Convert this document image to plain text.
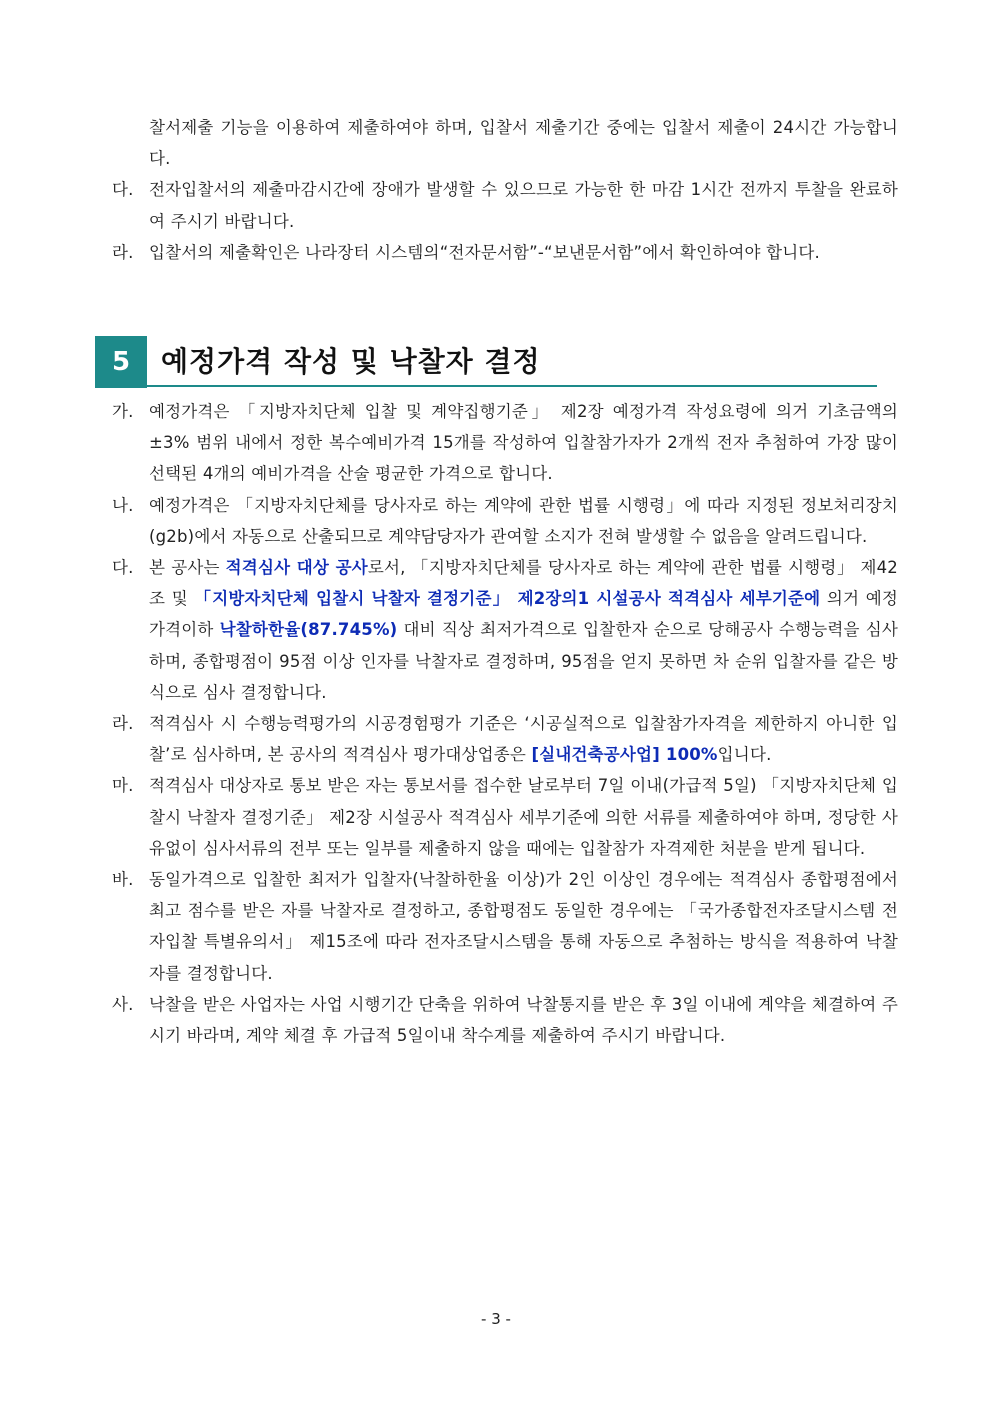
찰서제출 기능을 이용하여 제출하여야 하며, 입찰서 제출기간 중에는 입찰서 제출이 24시간 가능합니다.

다. 전자입찰서의 제출마감시간에 장애가 발생할 수 있으므로 가능한 한 마감 1시간 전까지 투찰을 완료하여 주시기 바랍니다.

라. 입찰서의 제출확인은 나라장터 시스템의“전자문서함”-“보낸문서함”에서 확인하여야 합니다.

5	예정가격 작성 및 낙찰자 결정

가. 예정가격은 「지방자치단체 입찰 및 계약집행기준」 제2장 예정가격 작성요령에 의거 기초금액의 ±3% 범위 내에서 정한 복수예비가격 15개를 작성하여 입찰참가자가 2개씩 전자 추첨하여 가장 많이 선택된 4개의 예비가격을 산술 평균한 가격으로 합니다.

나. 예정가격은 「지방자치단체를 당사자로 하는 계약에 관한 법률 시행령」에 따라 지정된 정보처리장치(g2b)에서 자동으로 산출되므로 계약담당자가 관여할 소지가 전혀 발생할 수 없음을 알려드립니다.

다. 본 공사는 적격심사 대상 공사로서, 「지방자치단체를 당사자로 하는 계약에 관한 법률 시행령」 제42조 및 「지방자치단체 입찰시 낙찰자 결정기준」 제2장의1 시설공사 적격심사 세부기준에 의거 예정가격이하 낙찰하한율(87.745%) 대비 직상 최저가격으로 입찰한자 순으로 당해공사 수행능력을 심사하며, 종합평점이 95점 이상 인자를 낙찰자로 결정하며, 95점을 얻지 못하면 차 순위 입찰자를 같은 방식으로 심사 결정합니다.

라. 적격심사 시 수행능력평가의 시공경험평가 기준은 ‘시공실적으로 입찰참가자격을 제한하지 아니한 입찰’로 심사하며, 본 공사의 적격심사 평가대상업종은 [실내건축공사업] 100%입니다.

마. 적격심사 대상자로 통보 받은 자는 통보서를 접수한 날로부터 7일 이내(가급적 5일) 「지방자치단체 입찰시 낙찰자 결정기준」 제2장 시설공사 적격심사 세부기준에 의한 서류를 제출하여야 하며, 정당한 사유없이 심사서류의 전부 또는 일부를 제출하지 않을 때에는 입찰참가 자격제한 처분을 받게 됩니다.

바. 동일가격으로 입찰한 최저가 입찰자(낙찰하한율 이상)가 2인 이상인 경우에는 적격심사 종합평점에서 최고 점수를 받은 자를 낙찰자로 결정하고, 종합평점도 동일한 경우에는 「국가종합전자조달시스템 전자입찰 특별유의서」 제15조에 따라 전자조달시스템을 통해 자동으로 추첨하는 방식을 적용하여 낙찰자를 결정합니다.

사. 낙찰을 받은 사업자는 사업 시행기간 단축을 위하여 낙찰통지를 받은 후 3일 이내에 계약을 체결하여 주시기 바라며, 계약 체결 후 가급적 5일이내 착수계를 제출하여 주시기 바랍니다.

- 3 -
